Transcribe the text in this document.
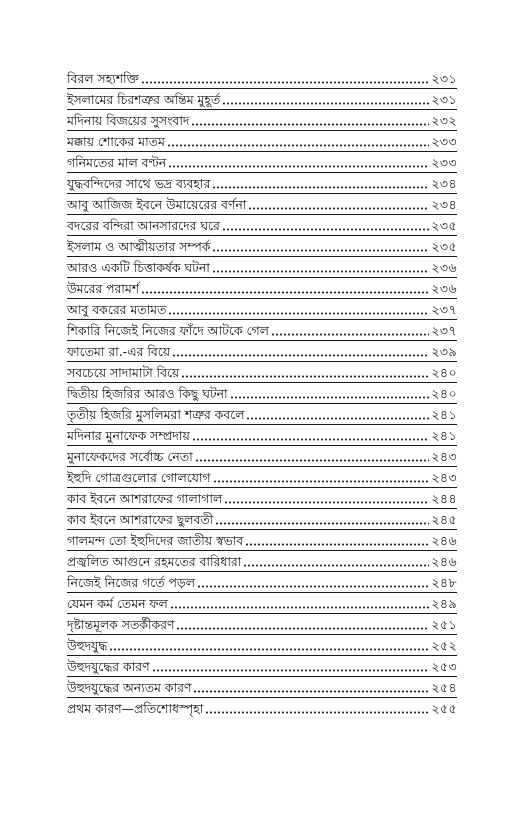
বিরল সহ্যশক্তি	২৩১
ইসলামের চিরশত্রুর অন্তিম মুহূর্ত	২৩১
মদিনায় বিজয়ের সুসংবাদ	২৩২
মক্কায় শোকের মাতম	২৩৩
গনিমতের মাল বণ্টন	২৩৩
যুদ্ধবন্দিদের সাথে ভদ্র ব্যবহার	২৩৪
আবু আজিজ ইবনে উমায়েরের বর্ণনা	২৩৪
বদরের বন্দিরা আনসারদের ঘরে	২৩৫
ইসলাম ও আত্মীয়তার সম্পর্ক	২৩৫
আরও একটি চিত্তাকর্ষক ঘটনা	২৩৬
উমরের পরামর্শ	২৩৬
আবু বকরের মতামত	২৩৭
শিকারি নিজেই নিজের ফাঁদে আটকে গেল	২৩৭
ফাতেমা রা.-এর বিয়ে	২৩৯
সবচেয়ে সাদামাটা বিয়ে	২৪০
দ্বিতীয় হিজরির আরও কিছু ঘটনা	২৪০
তৃতীয় হিজরি মুসলিমরা শত্রুর কবলে	২৪১
মদিনার মুনাফেক সম্প্রদায়	২৪১
মুনাফেকদের সর্বোচ্চ নেতা	২৪৩
ইহুদি গোত্রগুলোর গোলযোগ	২৪৩
কাব ইবনে আশরাফের গালাগাল	২৪৪
কাব ইবনে আশরাফের ছুলবতী	২৪৫
গালমন্দ তো ইহুদিদের জাতীয় স্বভাব	২৪৬
প্রজ্বলিত আগুনে রহমতের বারিধারা	২৪৬
নিজেই নিজের গর্তে পড়ল	২৪৮
যেমন কর্ম তেমন ফল	২৪৯
দৃষ্টান্তমূলক সতর্কীকরণ	২৫১
উহুদযুদ্ধ	২৫২
উহুদযুদ্ধের কারণ	২৫৩
উহুদযুদ্ধের অন্যতম কারণ	২৫৪
প্রথম কারণ—প্রতিশোধস্পৃহা	২৫৫
